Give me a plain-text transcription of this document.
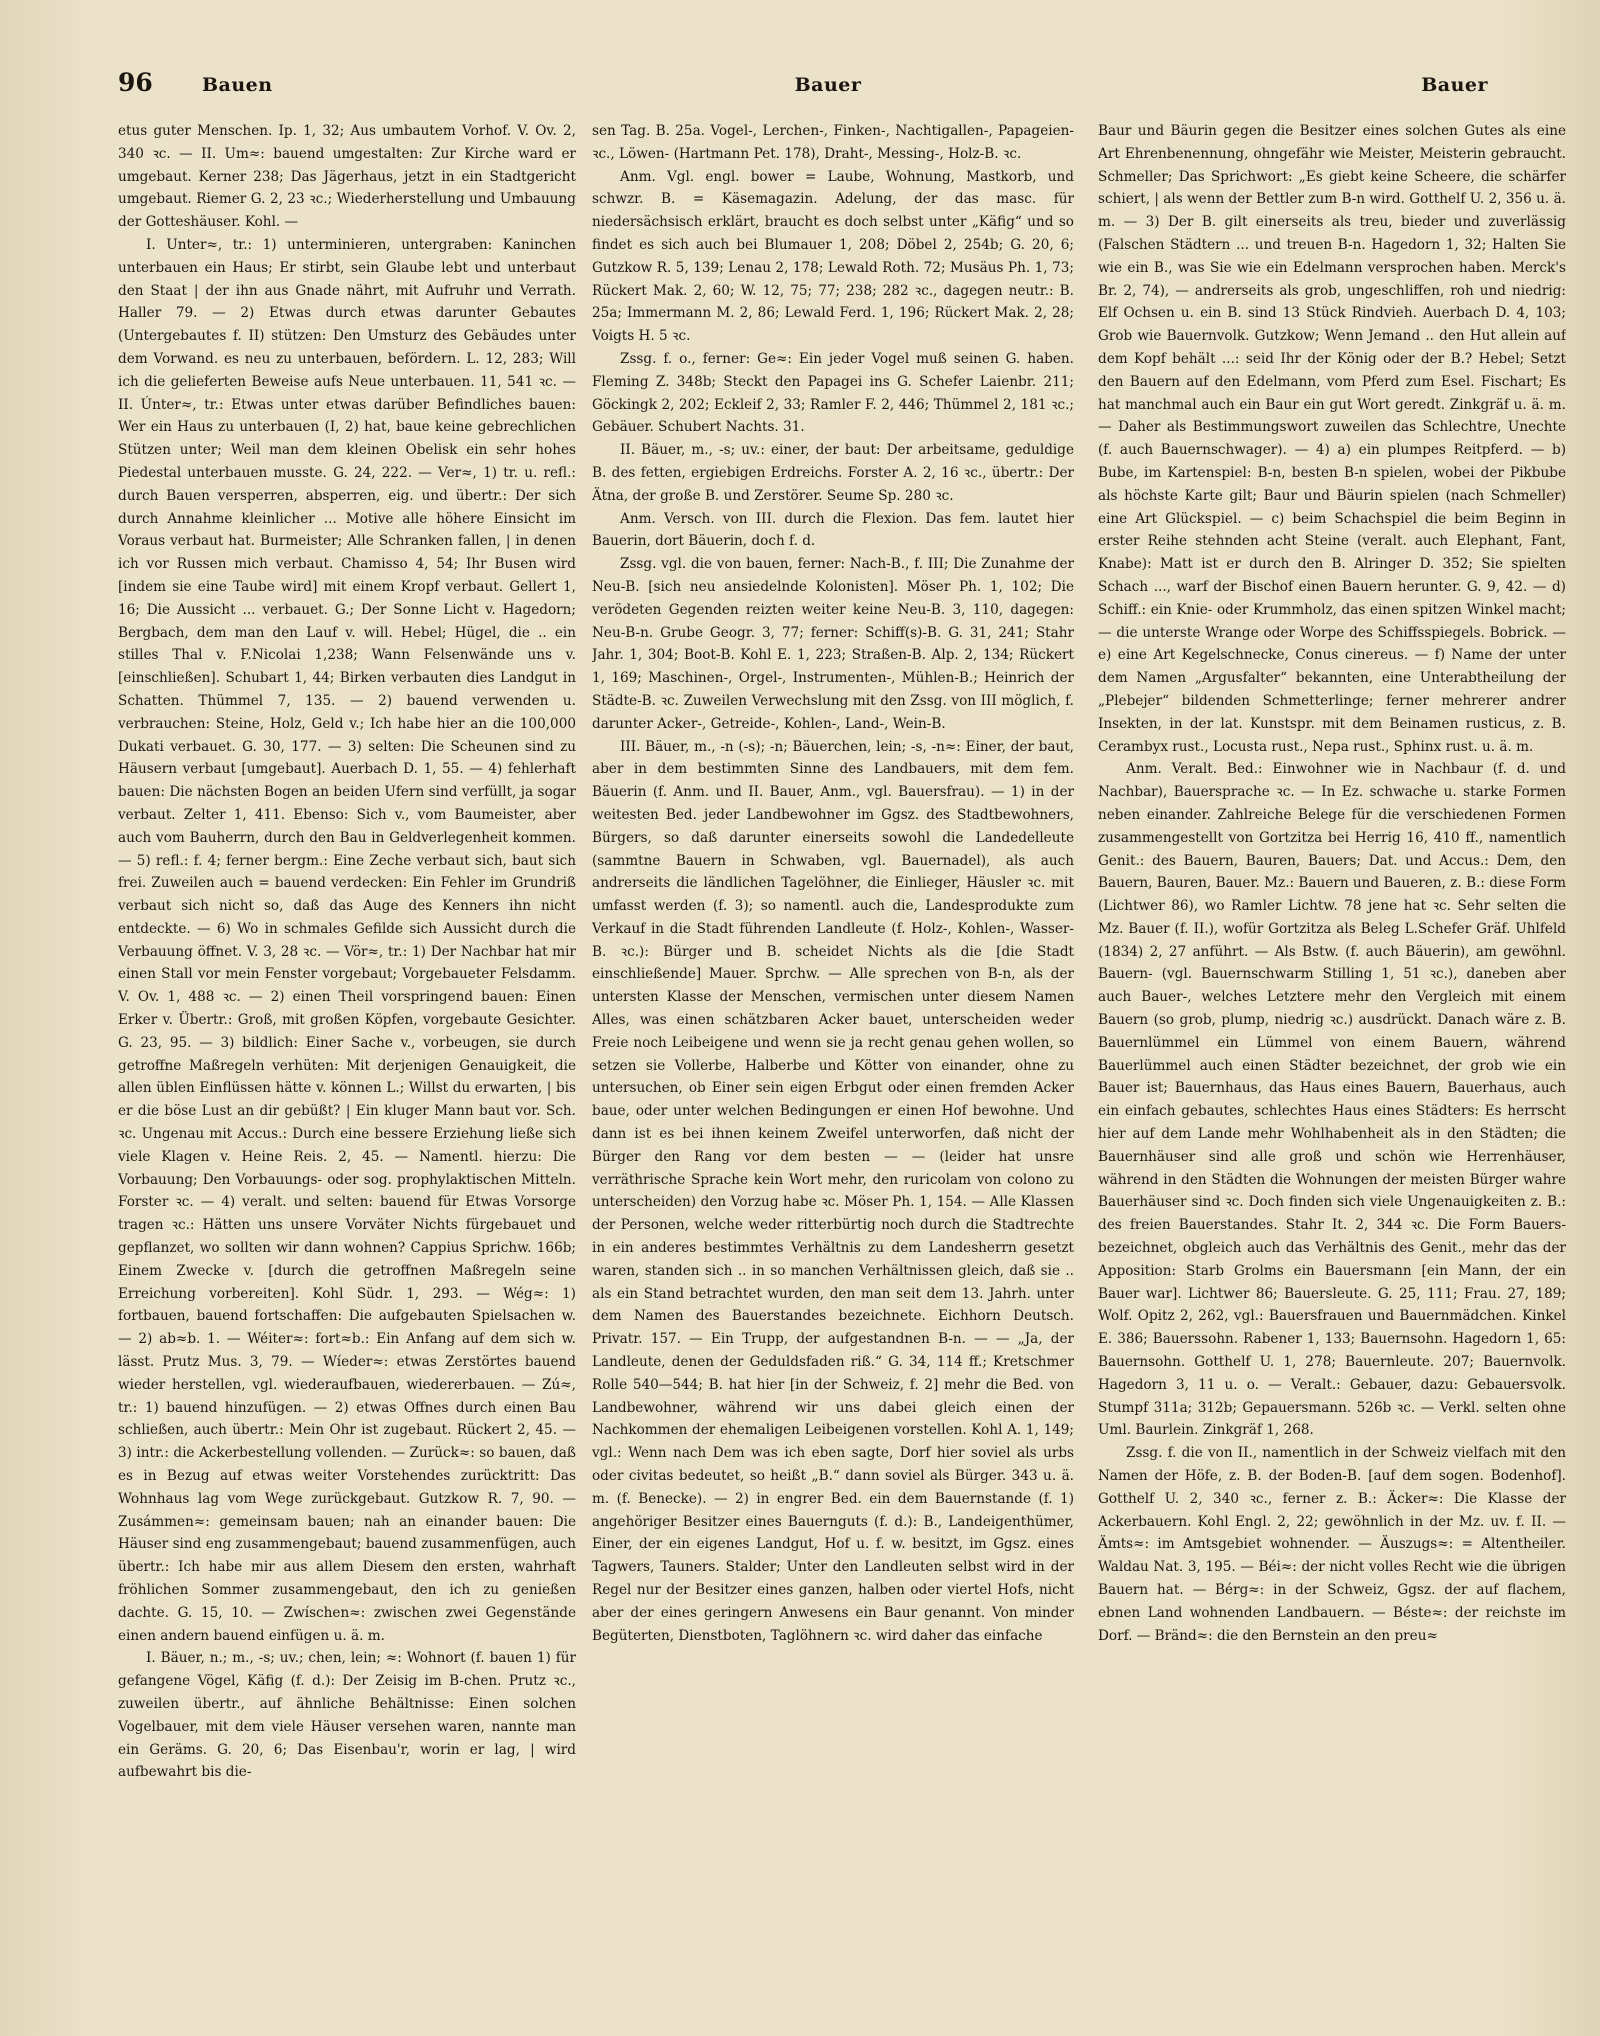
96	Bauen	Bauer	Bauer

etus guter Menschen. Ip. 1, 32; Aus umbautem Vorhof. V. Ov. 2, 340 ꝛc. — II. Um≈: bauend umgestalten: Zur Kirche ward er umgebaut. Kerner 238; Das Jägerhaus, jetzt in ein Stadtgericht umgebaut. Riemer G. 2, 23 ꝛc.; Wiederherstellung und Umbauung der Gotteshäuser. Kohl. —

I. Unter≈, tr.: 1) unterminieren, untergraben: Kaninchen unterbauen ein Haus; Er stirbt, sein Glaube lebt und unterbaut den Staat | der ihn aus Gnade nährt, mit Aufruhr und Verrath. Haller 79. — 2) Etwas durch etwas darunter Gebautes (Untergebautes f. II) stützen: Den Umsturz des Gebäudes unter dem Vorwand. es neu zu unterbauen, befördern. L. 12, 283; Will ich die gelieferten Beweise aufs Neue unterbauen. 11, 541 ꝛc. — II. Únter≈, tr.: Etwas unter etwas darüber Befindliches bauen: Wer ein Haus zu unterbauen (I, 2) hat, baue keine gebrechlichen Stützen unter; Weil man dem kleinen Obelisk ein sehr hohes Piedestal unterbauen musste. G. 24, 222. — Ver≈, 1) tr. u. refl.: durch Bauen versperren, absperren, eig. und übertr.: Der sich durch Annahme kleinlicher ... Motive alle höhere Einsicht im Voraus verbaut hat. Burmeister; Alle Schranken fallen, | in denen ich vor Russen mich verbaut. Chamisso 4, 54; Ihr Busen wird [indem sie eine Taube wird] mit einem Kropf verbaut. Gellert 1, 16; Die Aussicht ... verbauet. G.; Der Sonne Licht v. Hagedorn; Bergbach, dem man den Lauf v. will. Hebel; Hügel, die .. ein stilles Thal v. F.Nicolai 1,238; Wann Felsenwände uns v. [einschließen]. Schubart 1, 44; Birken verbauten dies Landgut in Schatten. Thümmel 7, 135. — 2) bauend verwenden u. verbrauchen: Steine, Holz, Geld v.; Ich habe hier an die 100,000 Dukati verbauet. G. 30, 177. — 3) selten: Die Scheunen sind zu Häusern verbaut [umgebaut]. Auerbach D. 1, 55. — 4) fehlerhaft bauen: Die nächsten Bogen an beiden Ufern sind verfüllt, ja sogar verbaut. Zelter 1, 411. Ebenso: Sich v., vom Baumeister, aber auch vom Bauherrn, durch den Bau in Geldverlegenheit kommen. — 5) refl.: f. 4; ferner bergm.: Eine Zeche verbaut sich, baut sich frei. Zuweilen auch = bauend verdecken: Ein Fehler im Grundriß verbaut sich nicht so, daß das Auge des Kenners ihn nicht entdeckte. — 6) Wo in schmales Gefilde sich Aussicht durch die Verbauung öffnet. V. 3, 28 ꝛc. — Vör≈, tr.: 1) Der Nachbar hat mir einen Stall vor mein Fenster vorgebaut; Vorgebaueter Felsdamm. V. Ov. 1, 488 ꝛc. — 2) einen Theil vorspringend bauen: Einen Erker v. Übertr.: Groß, mit großen Köpfen, vorgebaute Gesichter. G. 23, 95. — 3) bildlich: Einer Sache v., vorbeugen, sie durch getroffne Maßregeln verhüten: Mit derjenigen Genauigkeit, die allen üblen Einflüssen hätte v. können L.; Willst du erwarten, | bis er die böse Lust an dir gebüßt? | Ein kluger Mann baut vor. Sch. ꝛc. Ungenau mit Accus.: Durch eine bessere Erziehung ließe sich viele Klagen v. Heine Reis. 2, 45. — Namentl. hierzu: Die Vorbauung; Den Vorbauungs- oder sog. prophylaktischen Mitteln. Forster ꝛc. — 4) veralt. und selten: bauend für Etwas Vorsorge tragen ꝛc.: Hätten uns unsere Vorväter Nichts fürgebauet und gepflanzet, wo sollten wir dann wohnen? Cappius Sprichw. 166b; Einem Zwecke v. [durch die getroffnen Maßregeln seine Erreichung vorbereiten]. Kohl Südr. 1, 293. — Wég≈: 1) fortbauen, bauend fortschaffen: Die aufgebauten Spielsachen w. — 2) ab≈b. 1. — Wéiter≈: fort≈b.: Ein Anfang auf dem sich w. lässt. Prutz Mus. 3, 79. — Wíeder≈: etwas Zerstörtes bauend wieder herstellen, vgl. wiederaufbauen, wiedererbauen. — Zú≈, tr.: 1) bauend hinzufügen. — 2) etwas Offnes durch einen Bau schließen, auch übertr.: Mein Ohr ist zugebaut. Rückert 2, 45. — 3) intr.: die Ackerbestellung vollenden. — Zurück≈: so bauen, daß es in Bezug auf etwas weiter Vorstehendes zurücktritt: Das Wohnhaus lag vom Wege zurückgebaut. Gutzkow R. 7, 90. — Zusámmen≈: gemeinsam bauen; nah an einander bauen: Die Häuser sind eng zusammengebaut; bauend zusammenfügen, auch übertr.: Ich habe mir aus allem Diesem den ersten, wahrhaft fröhlichen Sommer zusammengebaut, den ich zu genießen dachte. G. 15, 10. — Zwíschen≈: zwischen zwei Gegenstände einen andern bauend einfügen u. ä. m.

I. Bäuer, n.; m., -s; uv.; chen, lein; ≈: Wohnort (f. bauen 1) für gefangene Vögel, Käfig (f. d.): Der Zeisig im B-chen. Prutz ꝛc., zuweilen übertr., auf ähnliche Behältnisse: Einen solchen Vogelbauer, mit dem viele Häuser versehen waren, nannte man ein Geräms. G. 20, 6; Das Eisenbau'r, worin er lag, | wird aufbewahrt bis die-

sen Tag. B. 25a. Vogel-, Lerchen-, Finken-, Nachtigallen-, Papageien- ꝛc., Löwen- (Hartmann Pet. 178), Draht-, Messing-, Holz-B. ꝛc.

Anm. Vgl. engl. bower = Laube, Wohnung, Mastkorb, und schwzr. B. = Käsemagazin. Adelung, der das masc. für niedersächsisch erklärt, braucht es doch selbst unter „Käfig“ und so findet es sich auch bei Blumauer 1, 208; Döbel 2, 254b; G. 20, 6; Gutzkow R. 5, 139; Lenau 2, 178; Lewald Roth. 72; Musäus Ph. 1, 73; Rückert Mak. 2, 60; W. 12, 75; 77; 238; 282 ꝛc., dagegen neutr.: B. 25a; Immermann M. 2, 86; Lewald Ferd. 1, 196; Rückert Mak. 2, 28; Voigts H. 5 ꝛc.

Zssg. f. o., ferner: Ge≈: Ein jeder Vogel muß seinen G. haben. Fleming Z. 348b; Steckt den Papagei ins G. Schefer Laienbr. 211; Göckingk 2, 202; Eckleif 2, 33; Ramler F. 2, 446; Thümmel 2, 181 ꝛc.; Gebäuer. Schubert Nachts. 31.

II. Bäuer, m., -s; uv.: einer, der baut: Der arbeitsame, geduldige B. des fetten, ergiebigen Erdreichs. Forster A. 2, 16 ꝛc., übertr.: Der Ätna, der große B. und Zerstörer. Seume Sp. 280 ꝛc.

Anm. Versch. von III. durch die Flexion. Das fem. lautet hier Bauerin, dort Bäuerin, doch f. d.

Zssg. vgl. die von bauen, ferner: Nach-B., f. III; Die Zunahme der Neu-B. [sich neu ansiedelnde Kolonisten]. Möser Ph. 1, 102; Die verödeten Gegenden reizten weiter keine Neu-B. 3, 110, dagegen: Neu-B-n. Grube Geogr. 3, 77; ferner: Schiff(s)-B. G. 31, 241; Stahr Jahr. 1, 304; Boot-B. Kohl E. 1, 223; Straßen-B. Alp. 2, 134; Rückert 1, 169; Maschinen-, Orgel-, Instrumenten-, Mühlen-B.; Heinrich der Städte-B. ꝛc. Zuweilen Verwechslung mit den Zssg. von III möglich, f. darunter Acker-, Getreide-, Kohlen-, Land-, Wein-B.

III. Bäuer, m., -n (-s); -n; Bäuerchen, lein; -s, -n≈: Einer, der baut, aber in dem bestimmten Sinne des Landbauers, mit dem fem. Bäuerin (f. Anm. und II. Bauer, Anm., vgl. Bauersfrau). — 1) in der weitesten Bed. jeder Landbewohner im Ggsz. des Stadtbewohners, Bürgers, so daß darunter einerseits sowohl die Landedelleute (sammtne Bauern in Schwaben, vgl. Bauernadel), als auch andrerseits die ländlichen Tagelöhner, die Einlieger, Häusler ꝛc. mit umfasst werden (f. 3); so namentl. auch die, Landesprodukte zum Verkauf in die Stadt führenden Landleute (f. Holz-, Kohlen-, Wasser-B. ꝛc.): Bürger und B. scheidet Nichts als die [die Stadt einschließende] Mauer. Sprchw. — Alle sprechen von B-n, als der untersten Klasse der Menschen, vermischen unter diesem Namen Alles, was einen schätzbaren Acker bauet, unterscheiden weder Freie noch Leibeigene und wenn sie ja recht genau gehen wollen, so setzen sie Vollerbe, Halberbe und Kötter von einander, ohne zu untersuchen, ob Einer sein eigen Erbgut oder einen fremden Acker baue, oder unter welchen Bedingungen er einen Hof bewohne. Und dann ist es bei ihnen keinem Zweifel unterworfen, daß nicht der Bürger den Rang vor dem besten — — (leider hat unsre verräthrische Sprache kein Wort mehr, den ruricolam von colono zu unterscheiden) den Vorzug habe ꝛc. Möser Ph. 1, 154. — Alle Klassen der Personen, welche weder ritterbürtig noch durch die Stadtrechte in ein anderes bestimmtes Verhältnis zu dem Landesherrn gesetzt waren, standen sich .. in so manchen Verhältnissen gleich, daß sie .. als ein Stand betrachtet wurden, den man seit dem 13. Jahrh. unter dem Namen des Bauerstandes bezeichnete. Eichhorn Deutsch. Privatr. 157. — Ein Trupp, der aufgestandnen B-n. — — „Ja, der Landleute, denen der Geduldsfaden riß.“ G. 34, 114 ff.; Kretschmer Rolle 540—544; B. hat hier [in der Schweiz, f. 2] mehr die Bed. von Landbewohner, während wir uns dabei gleich einen der Nachkommen der ehemaligen Leibeigenen vorstellen. Kohl A. 1, 149; vgl.: Wenn nach Dem was ich eben sagte, Dorf hier soviel als urbs oder civitas bedeutet, so heißt „B.“ dann soviel als Bürger. 343 u. ä. m. (f. Benecke). — 2) in engrer Bed. ein dem Bauernstande (f. 1) angehöriger Besitzer eines Bauernguts (f. d.): B., Landeigenthümer, Einer, der ein eigenes Landgut, Hof u. f. w. besitzt, im Ggsz. eines Tagwers, Tauners. Stalder; Unter den Landleuten selbst wird in der Regel nur der Besitzer eines ganzen, halben oder viertel Hofs, nicht aber der eines geringern Anwesens ein Baur genannt. Von minder Begüterten, Dienstboten, Taglöhnern ꝛc. wird daher das einfache

Baur und Bäurin gegen die Besitzer eines solchen Gutes als eine Art Ehrenbenennung, ohngefähr wie Meister, Meisterin gebraucht. Schmeller; Das Sprichwort: „Es giebt keine Scheere, die schärfer schiert, | als wenn der Bettler zum B-n wird. Gotthelf U. 2, 356 u. ä. m. — 3) Der B. gilt einerseits als treu, bieder und zuverlässig (Falschen Städtern ... und treuen B-n. Hagedorn 1, 32; Halten Sie wie ein B., was Sie wie ein Edelmann versprochen haben. Merck's Br. 2, 74), — andrerseits als grob, ungeschliffen, roh und niedrig: Elf Ochsen u. ein B. sind 13 Stück Rindvieh. Auerbach D. 4, 103; Grob wie Bauernvolk. Gutzkow; Wenn Jemand .. den Hut allein auf dem Kopf behält ...: seid Ihr der König oder der B.? Hebel; Setzt den Bauern auf den Edelmann, vom Pferd zum Esel. Fischart; Es hat manchmal auch ein Baur ein gut Wort geredt. Zinkgräf u. ä. m. — Daher als Bestimmungswort zuweilen das Schlechtre, Unechte (f. auch Bauernschwager). — 4) a) ein plumpes Reitpferd. — b) Bube, im Kartenspiel: B-n, besten B-n spielen, wobei der Pikbube als höchste Karte gilt; Baur und Bäurin spielen (nach Schmeller) eine Art Glückspiel. — c) beim Schachspiel die beim Beginn in erster Reihe stehnden acht Steine (veralt. auch Elephant, Fant, Knabe): Matt ist er durch den B. Alringer D. 352; Sie spielten Schach ..., warf der Bischof einen Bauern herunter. G. 9, 42. — d) Schiff.: ein Knie- oder Krummholz, das einen spitzen Winkel macht; — die unterste Wrange oder Worpe des Schiffsspiegels. Bobrick. — e) eine Art Kegelschnecke, Conus cinereus. — f) Name der unter dem Namen „Argusfalter“ bekannten, eine Unterabtheilung der „Plebejer“ bildenden Schmetterlinge; ferner mehrerer andrer Insekten, in der lat. Kunstspr. mit dem Beinamen rusticus, z. B. Cerambyx rust., Locusta rust., Nepa rust., Sphinx rust. u. ä. m.

Anm. Veralt. Bed.: Einwohner wie in Nachbaur (f. d. und Nachbar), Bauersprache ꝛc. — In Ez. schwache u. starke Formen neben einander. Zahlreiche Belege für die verschiedenen Formen zusammengestellt von Gortzitza bei Herrig 16, 410 ff., namentlich Genit.: des Bauern, Bauren, Bauers; Dat. und Accus.: Dem, den Bauern, Bauren, Bauer. Mz.: Bauern und Baueren, z. B.: diese Form (Lichtwer 86), wo Ramler Lichtw. 78 jene hat ꝛc. Sehr selten die Mz. Bauer (f. II.), wofür Gortzitza als Beleg L.Schefer Gräf. Uhlfeld (1834) 2, 27 anführt. — Als Bstw. (f. auch Bäuerin), am gewöhnl. Bauern- (vgl. Bauernschwarm Stilling 1, 51 ꝛc.), daneben aber auch Bauer-, welches Letztere mehr den Vergleich mit einem Bauern (so grob, plump, niedrig ꝛc.) ausdrückt. Danach wäre z. B. Bauernlümmel ein Lümmel von einem Bauern, während Bauerlümmel auch einen Städter bezeichnet, der grob wie ein Bauer ist; Bauernhaus, das Haus eines Bauern, Bauerhaus, auch ein einfach gebautes, schlechtes Haus eines Städters: Es herrscht hier auf dem Lande mehr Wohlhabenheit als in den Städten; die Bauernhäuser sind alle groß und schön wie Herrenhäuser, während in den Städten die Wohnungen der meisten Bürger wahre Bauerhäuser sind ꝛc. Doch finden sich viele Ungenauigkeiten z. B.: des freien Bauerstandes. Stahr It. 2, 344 ꝛc. Die Form Bauers- bezeichnet, obgleich auch das Verhältnis des Genit., mehr das der Apposition: Starb Grolms ein Bauersmann [ein Mann, der ein Bauer war]. Lichtwer 86; Bauersleute. G. 25, 111; Frau. 27, 189; Wolf. Opitz 2, 262, vgl.: Bauersfrauen und Bauernmädchen. Kinkel E. 386; Bauerssohn. Rabener 1, 133; Bauernsohn. Hagedorn 1, 65: Bauernsohn. Gotthelf U. 1, 278; Bauernleute. 207; Bauernvolk. Hagedorn 3, 11 u. o. — Veralt.: Gebauer, dazu: Gebauersvolk. Stumpf 311a; 312b; Gepauersmann. 526b ꝛc. — Verkl. selten ohne Uml. Baurlein. Zinkgräf 1, 268.

Zssg. f. die von II., namentlich in der Schweiz vielfach mit den Namen der Höfe, z. B. der Boden-B. [auf dem sogen. Bodenhof]. Gotthelf U. 2, 340 ꝛc., ferner z. B.: Äcker≈: Die Klasse der Ackerbauern. Kohl Engl. 2, 22; gewöhnlich in der Mz. uv. f. II. — Ämts≈: im Amtsgebiet wohnender. — Äuszugs≈: = Altentheiler. Waldau Nat. 3, 195. — Béi≈: der nicht volles Recht wie die übrigen Bauern hat. — Bérg≈: in der Schweiz, Ggsz. der auf flachem, ebnen Land wohnenden Landbauern. — Béste≈: der reichste im Dorf. — Bränd≈: die den Bernstein an den preu≈
